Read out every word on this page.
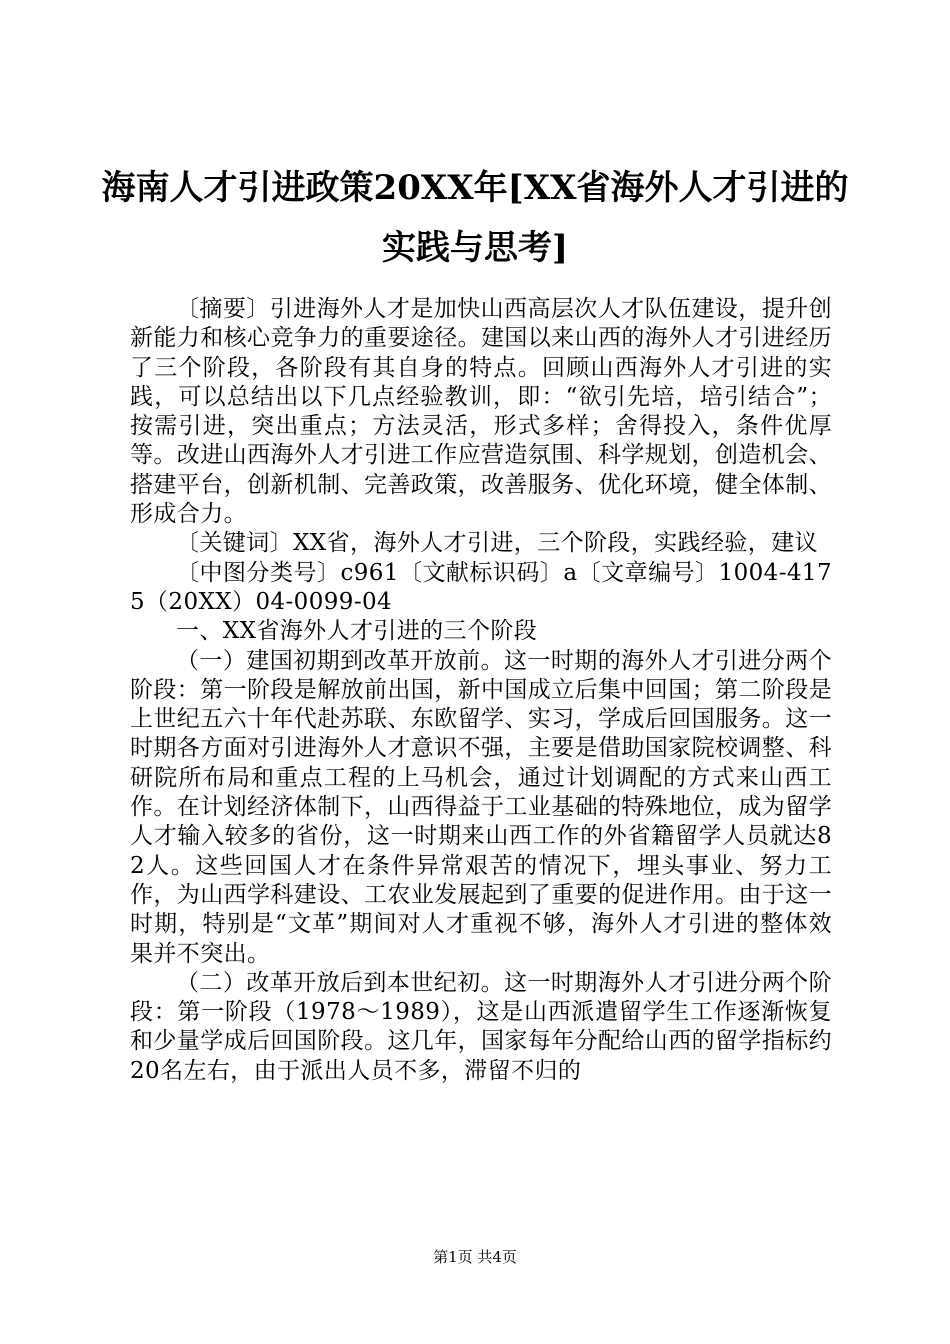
海南人才引进政策20XX年[XX省海外人才引进的实践与思考]

〔摘要〕引进海外人才是加快山西高层次人才队伍建设，提升创新能力和核心竞争力的重要途径。建国以来山西的海外人才引进经历了三个阶段，各阶段有其自身的特点。回顾山西海外人才引进的实践，可以总结出以下几点经验教训，即：“欲引先培，培引结合”；按需引进，突出重点；方法灵活，形式多样；舍得投入，条件优厚等。改进山西海外人才引进工作应营造氛围、科学规划，创造机会、搭建平台，创新机制、完善政策，改善服务、优化环境，健全体制、形成合力。

〔关键词〕XX省，海外人才引进，三个阶段，实践经验，建议

〔中图分类号〕c961〔文献标识码〕a〔文章编号〕1004-4175（20XX）04-0099-04

一、XX省海外人才引进的三个阶段

（一）建国初期到改革开放前。这一时期的海外人才引进分两个阶段：第一阶段是解放前出国，新中国成立后集中回国；第二阶段是上世纪五六十年代赴苏联、东欧留学、实习，学成后回国服务。这一时期各方面对引进海外人才意识不强，主要是借助国家院校调整、科研院所布局和重点工程的上马机会，通过计划调配的方式来山西工作。在计划经济体制下，山西得益于工业基础的特殊地位，成为留学人才输入较多的省份，这一时期来山西工作的外省籍留学人员就达82人。这些回国人才在条件异常艰苦的情况下，埋头事业、努力工作，为山西学科建设、工农业发展起到了重要的促进作用。由于这一时期，特别是“文革”期间对人才重视不够，海外人才引进的整体效果并不突出。

（二）改革开放后到本世纪初。这一时期海外人才引进分两个阶段：第一阶段（1978～1989），这是山西派遣留学生工作逐渐恢复和少量学成后回国阶段。这几年，国家每年分配给山西的留学指标约20名左右，由于派出人员不多，滞留不归的

第1页 共4页
